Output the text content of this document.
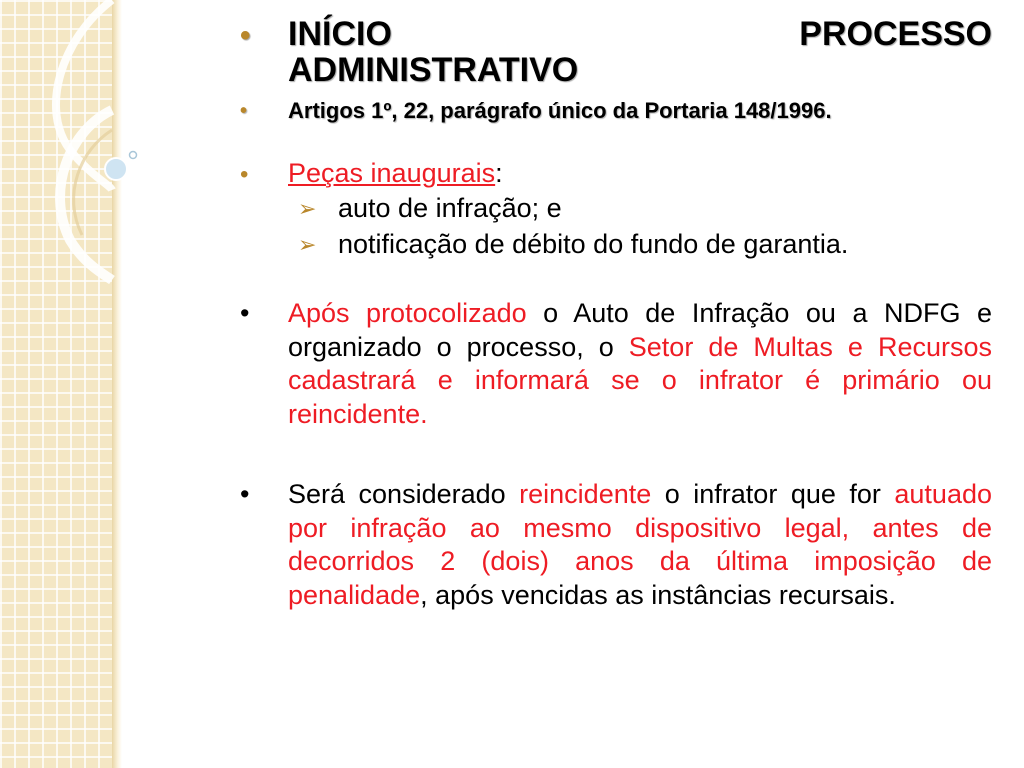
• INÍCIO	PROCESSO
ADMINISTRATIVO
• Artigos 1º, 22, parágrafo único da Portaria 148/1996.
• Peças inaugurais:
➢ auto de infração; e
➢ notificação de débito do fundo de garantia.
• Após protocolizado o Auto de Infração ou a NDFG e organizado o processo, o Setor de Multas e Recursos cadastrará e informará se o infrator é primário ou reincidente.
• Será considerado reincidente o infrator que for autuado por infração ao mesmo dispositivo legal, antes de decorridos 2 (dois) anos da última imposição de penalidade, após vencidas as instâncias recursais.
